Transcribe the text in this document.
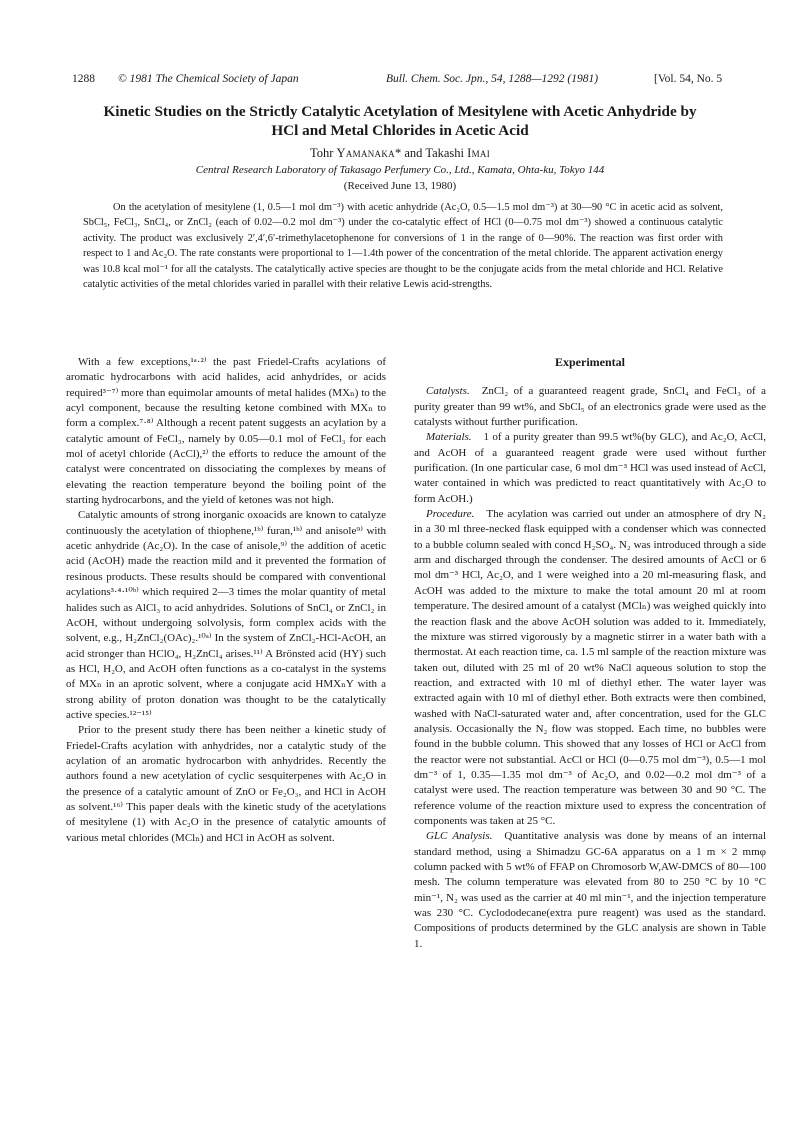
1288 © 1981 The Chemical Society of Japan	Bull. Chem. Soc. Jpn., 54, 1288—1292 (1981)	[Vol. 54, No. 5
Kinetic Studies on the Strictly Catalytic Acetylation of Mesitylene with Acetic Anhydride by HCl and Metal Chlorides in Acetic Acid
Tohr Yamanaka* and Takashi Imai
Central Research Laboratory of Takasago Perfumery Co., Ltd., Kamata, Ohta-ku, Tokyo 144
(Received June 13, 1980)

On the acetylation of mesitylene (1, 0.5—1 mol dm⁻³) with acetic anhydride (Ac₂O, 0.5—1.5 mol dm⁻³) at 30—90 °C in acetic acid as solvent, SbCl₅, FeCl₃, SnCl₄, or ZnCl₂ (each of 0.02—0.2 mol dm⁻³) under the co-catalytic effect of HCl (0—0.75 mol dm⁻³) showed a continuous catalytic activity. The product was exclusively 2′,4′,6′-trimethylacetophenone for conversions of 1 in the range of 0—90%. The reaction was first order with respect to 1 and Ac₂O. The rate constants were proportional to 1—1.4th power of the concentration of the metal chloride. The apparent activation energy was 10.8 kcal mol⁻¹ for all the catalysts. The catalytically active species are thought to be the conjugate acids from the metal chloride and HCl. Relative catalytic activities of the metal chlorides varied in parallel with their relative Lewis acid-strengths.

With a few exceptions,¹ᵃ·²⁾ the past Friedel-Crafts acylations of aromatic hydrocarbons with acid halides, acid anhydrides, or acids required³⁻⁷⁾ more than equimolar amounts of metal halides (MXₙ) to the acyl component, because the resulting ketone combined with MXₙ to form a complex.⁷·⁸⁾ Although a recent patent suggests an acylation by a catalytic amount of FeCl₃, namely by 0.05—0.1 mol of FeCl₃ for each mol of acetyl chloride (AcCl),²⁾ the efforts to reduce the amount of the catalyst were concentrated on dissociating the complexes by means of elevating the reaction temperature beyond the boiling point of the starting hydrocarbons, and the yield of ketones was not high.

Catalytic amounts of strong inorganic oxoacids are known to catalyze continuously the acetylation of thiophene,¹ᵇ⁾ furan,¹ᵇ⁾ and anisole⁹⁾ with acetic anhydride (Ac₂O). In the case of anisole,⁹⁾ the addition of acetic acid (AcOH) made the reaction mild and it prevented the formation of resinous products. These results should be compared with conventional acylations³·⁴·¹⁰ᵇ⁾ which required 2—3 times the molar quantity of metal halides such as AlCl₃ to acid anhydrides. Solutions of SnCl₄ or ZnCl₂ in AcOH, without undergoing solvolysis, form complex acids with the solvent, e.g., H₂ZnCl₂(OAc)₂.¹⁰ᵃ⁾ In the system of ZnCl₂-HCl-AcOH, an acid stronger than HClO₄, H₂ZnCl₄ arises.¹¹⁾ A Brönsted acid (HY) such as HCl, H₂O, and AcOH often functions as a co-catalyst in the systems of MXₙ in an aprotic solvent, where a conjugate acid HMXₙY with a strong ability of proton donation was thought to be the catalytically active species.¹²⁻¹⁵⁾

Prior to the present study there has been neither a kinetic study of Friedel-Crafts acylation with anhydrides, nor a catalytic study of the acylation of an aromatic hydrocarbon with anhydrides. Recently the authors found a new acetylation of cyclic sesquiterpenes with Ac₂O in the presence of a catalytic amount of ZnO or Fe₂O₃, and HCl in AcOH as solvent.¹⁶⁾ This paper deals with the kinetic study of the acetylations of mesitylene (1) with Ac₂O in the presence of catalytic amounts of various metal chlorides (MClₙ) and HCl in AcOH as solvent.

Experimental

Catalysts. ZnCl₂ of a guaranteed reagent grade, SnCl₄ and FeCl₃ of a purity greater than 99 wt%, and SbCl₅ of an electronics grade were used as the catalysts without further purification.

Materials. 1 of a purity greater than 99.5 wt%(by GLC), and Ac₂O, AcCl, and AcOH of a guaranteed reagent grade were used without further purification. (In one particular case, 6 mol dm⁻³ HCl was used instead of AcCl, water contained in which was predicted to react quantitatively with Ac₂O to form AcOH.)

Procedure. The acylation was carried out under an atmosphere of dry N₂ in a 30 ml three-necked flask equipped with a condenser which was connected to a bubble column sealed with concd H₂SO₄. N₂ was introduced through a side arm and discharged through the condenser. The desired amounts of AcCl or 6 mol dm⁻³ HCl, Ac₂O, and 1 were weighed into a 20 ml-measuring flask, and AcOH was added to the mixture to make the total amount 20 ml at room temperature. The desired amount of a catalyst (MClₙ) was weighed quickly into the reaction flask and the above AcOH solution was added to it. Immediately, the mixture was stirred vigorously by a magnetic stirrer in a water bath with a thermostat. At each reaction time, ca. 1.5 ml sample of the reaction mixture was taken out, diluted with 25 ml of 20 wt% NaCl aqueous solution to stop the reaction, and extracted with 10 ml of diethyl ether. The water layer was extracted again with 10 ml of diethyl ether. Both extracts were then combined, washed with NaCl-saturated water and, after concentration, used for the GLC analysis. Occasionally the N₂ flow was stopped. Each time, no bubbles were found in the bubble column. This showed that any losses of HCl or AcCl from the reactor were not substantial. AcCl or HCl (0—0.75 mol dm⁻³), 0.5—1 mol dm⁻³ of 1, 0.35—1.35 mol dm⁻³ of Ac₂O, and 0.02—0.2 mol dm⁻³ of a catalyst were used. The reaction temperature was between 30 and 90 °C. The reference volume of the reaction mixture used to express the concentration of components was taken at 25 °C.

GLC Analysis. Quantitative analysis was done by means of an internal standard method, using a Shimadzu GC-6A apparatus on a 1 m × 2 mmφ column packed with 5 wt% of FFAP on Chromosorb W,AW-DMCS of 80—100 mesh. The column temperature was elevated from 80 to 250 °C by 10 °C min⁻¹, N₂ was used as the carrier at 40 ml min⁻¹, and the injection temperature was 230 °C. Cyclododecane(extra pure reagent) was used as the standard. Compositions of products determined by the GLC analysis are shown in Table 1.
